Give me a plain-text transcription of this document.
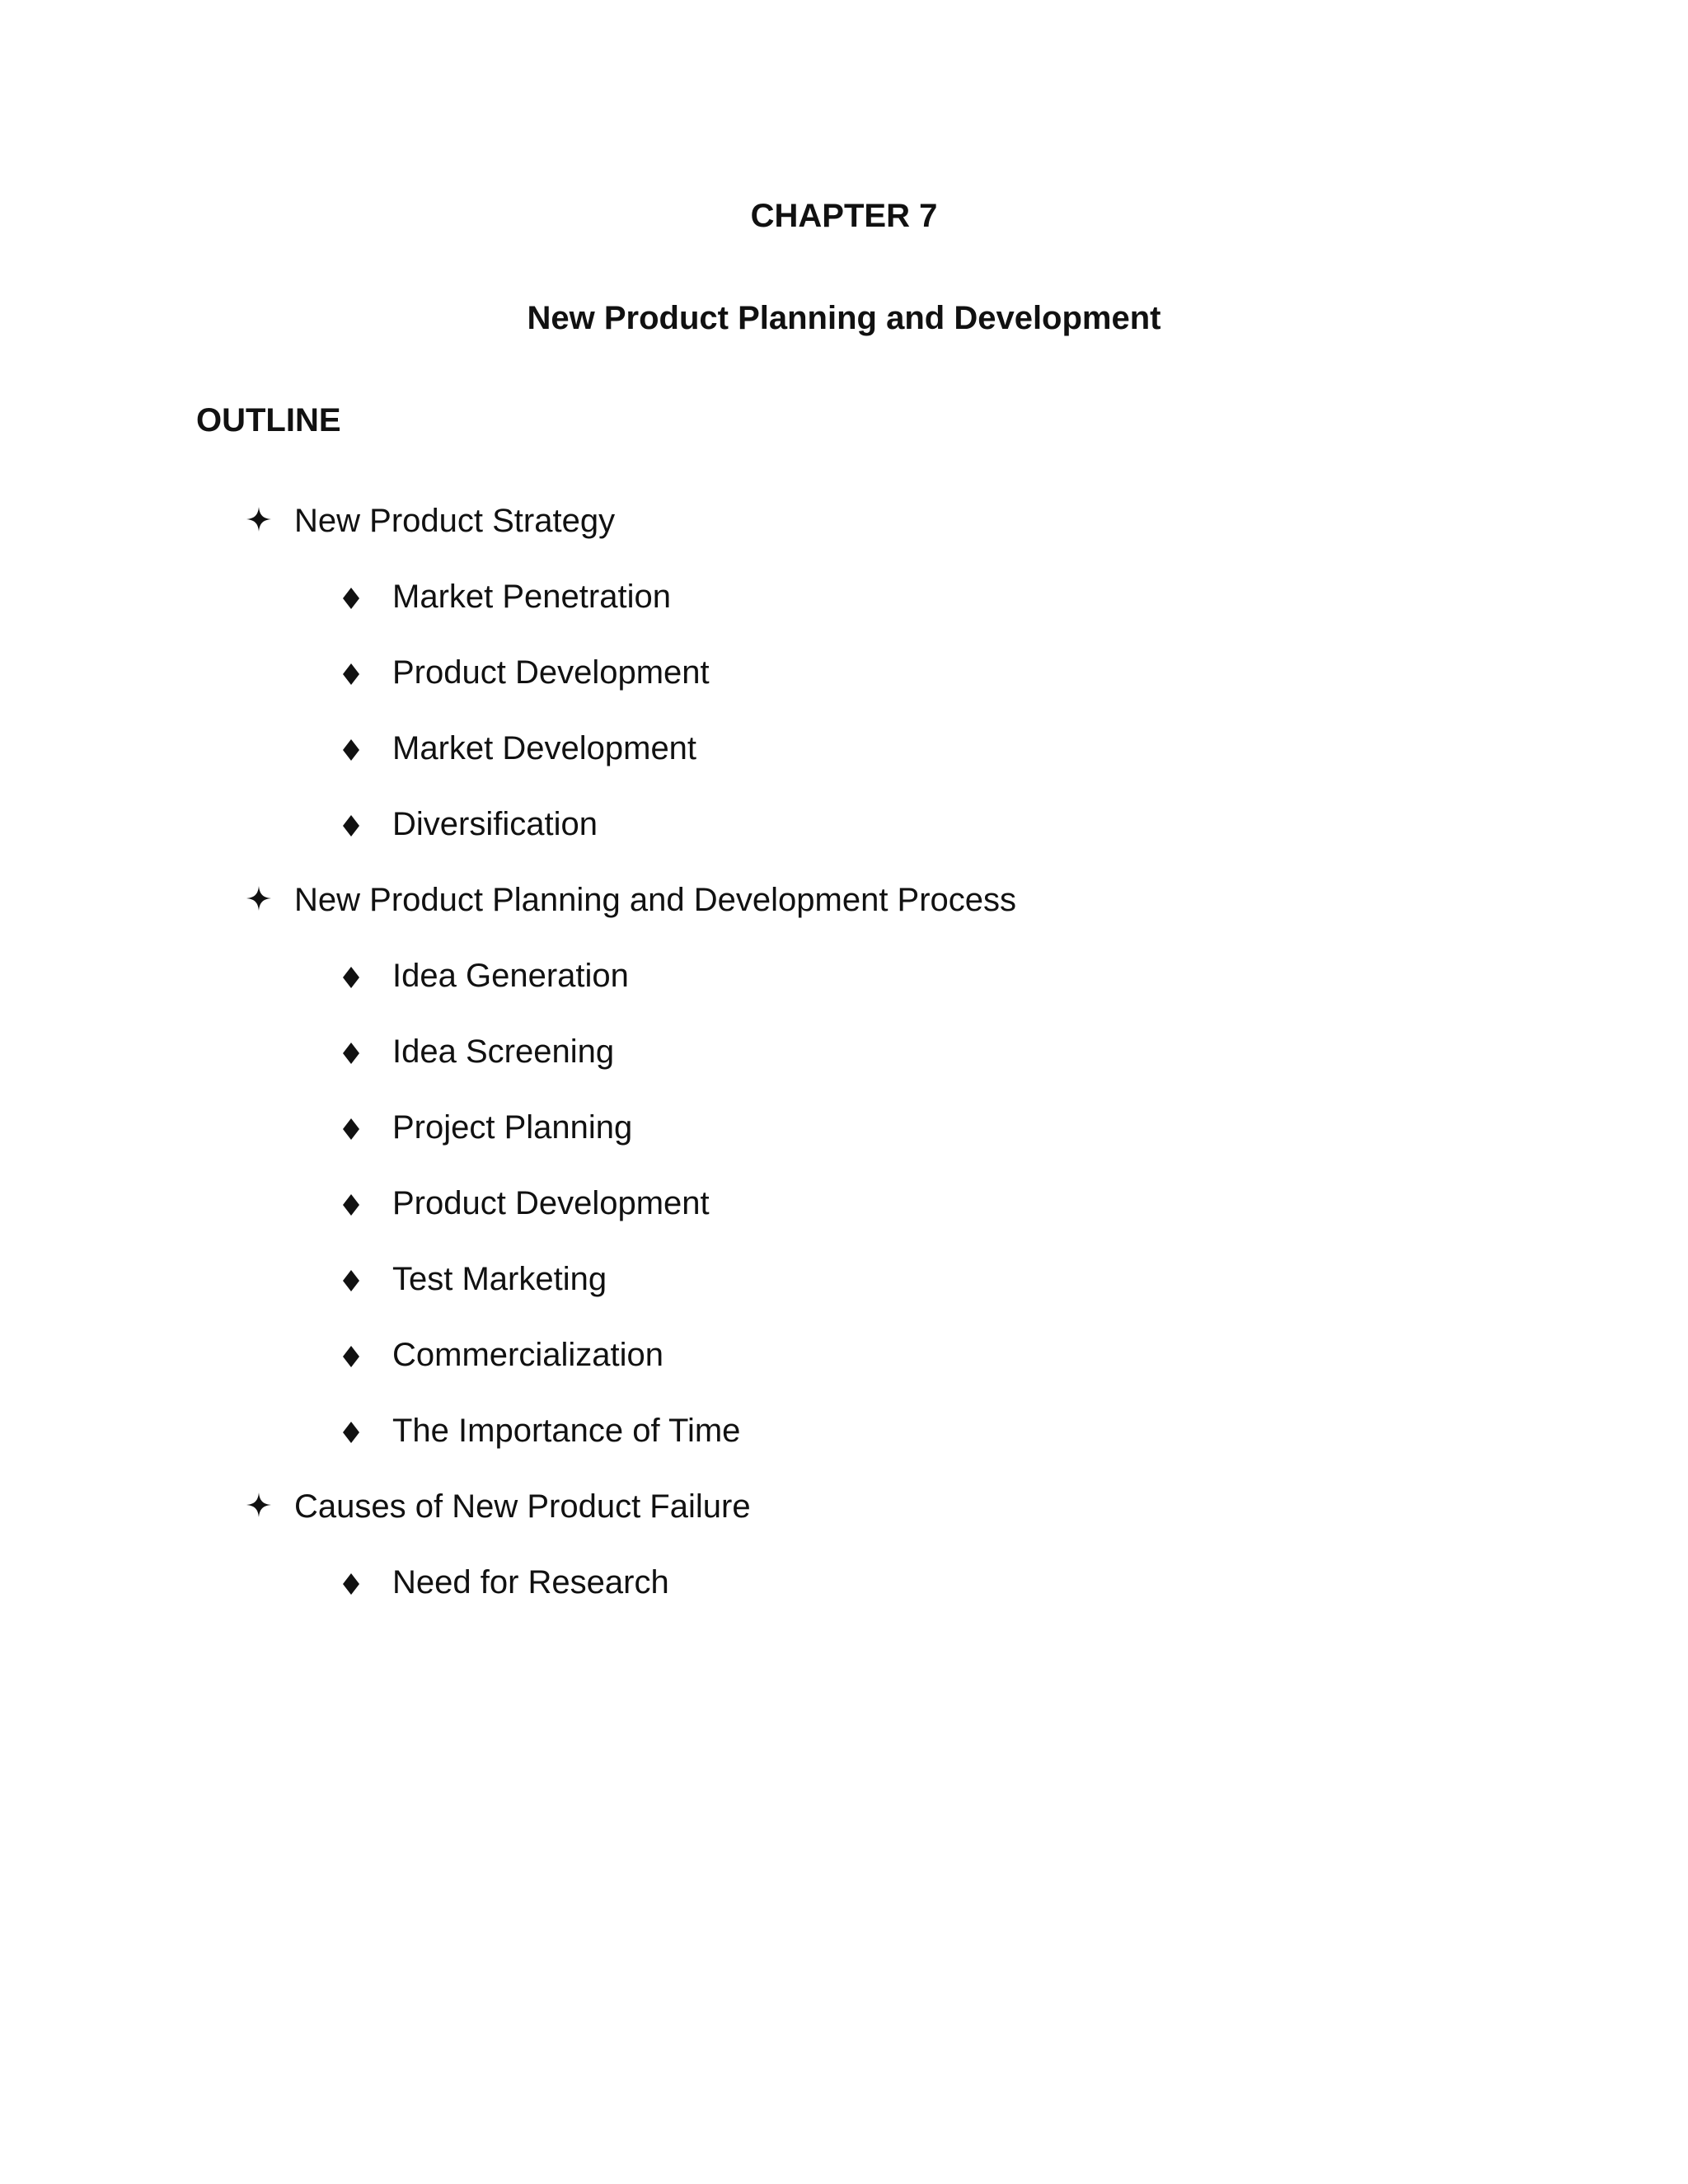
CHAPTER 7
New Product Planning and Development
OUTLINE
New Product Strategy
Market Penetration
Product Development
Market Development
Diversification
New Product Planning and Development Process
Idea Generation
Idea Screening
Project Planning
Product Development
Test Marketing
Commercialization
The Importance of Time
Causes of New Product Failure
Need for Research
